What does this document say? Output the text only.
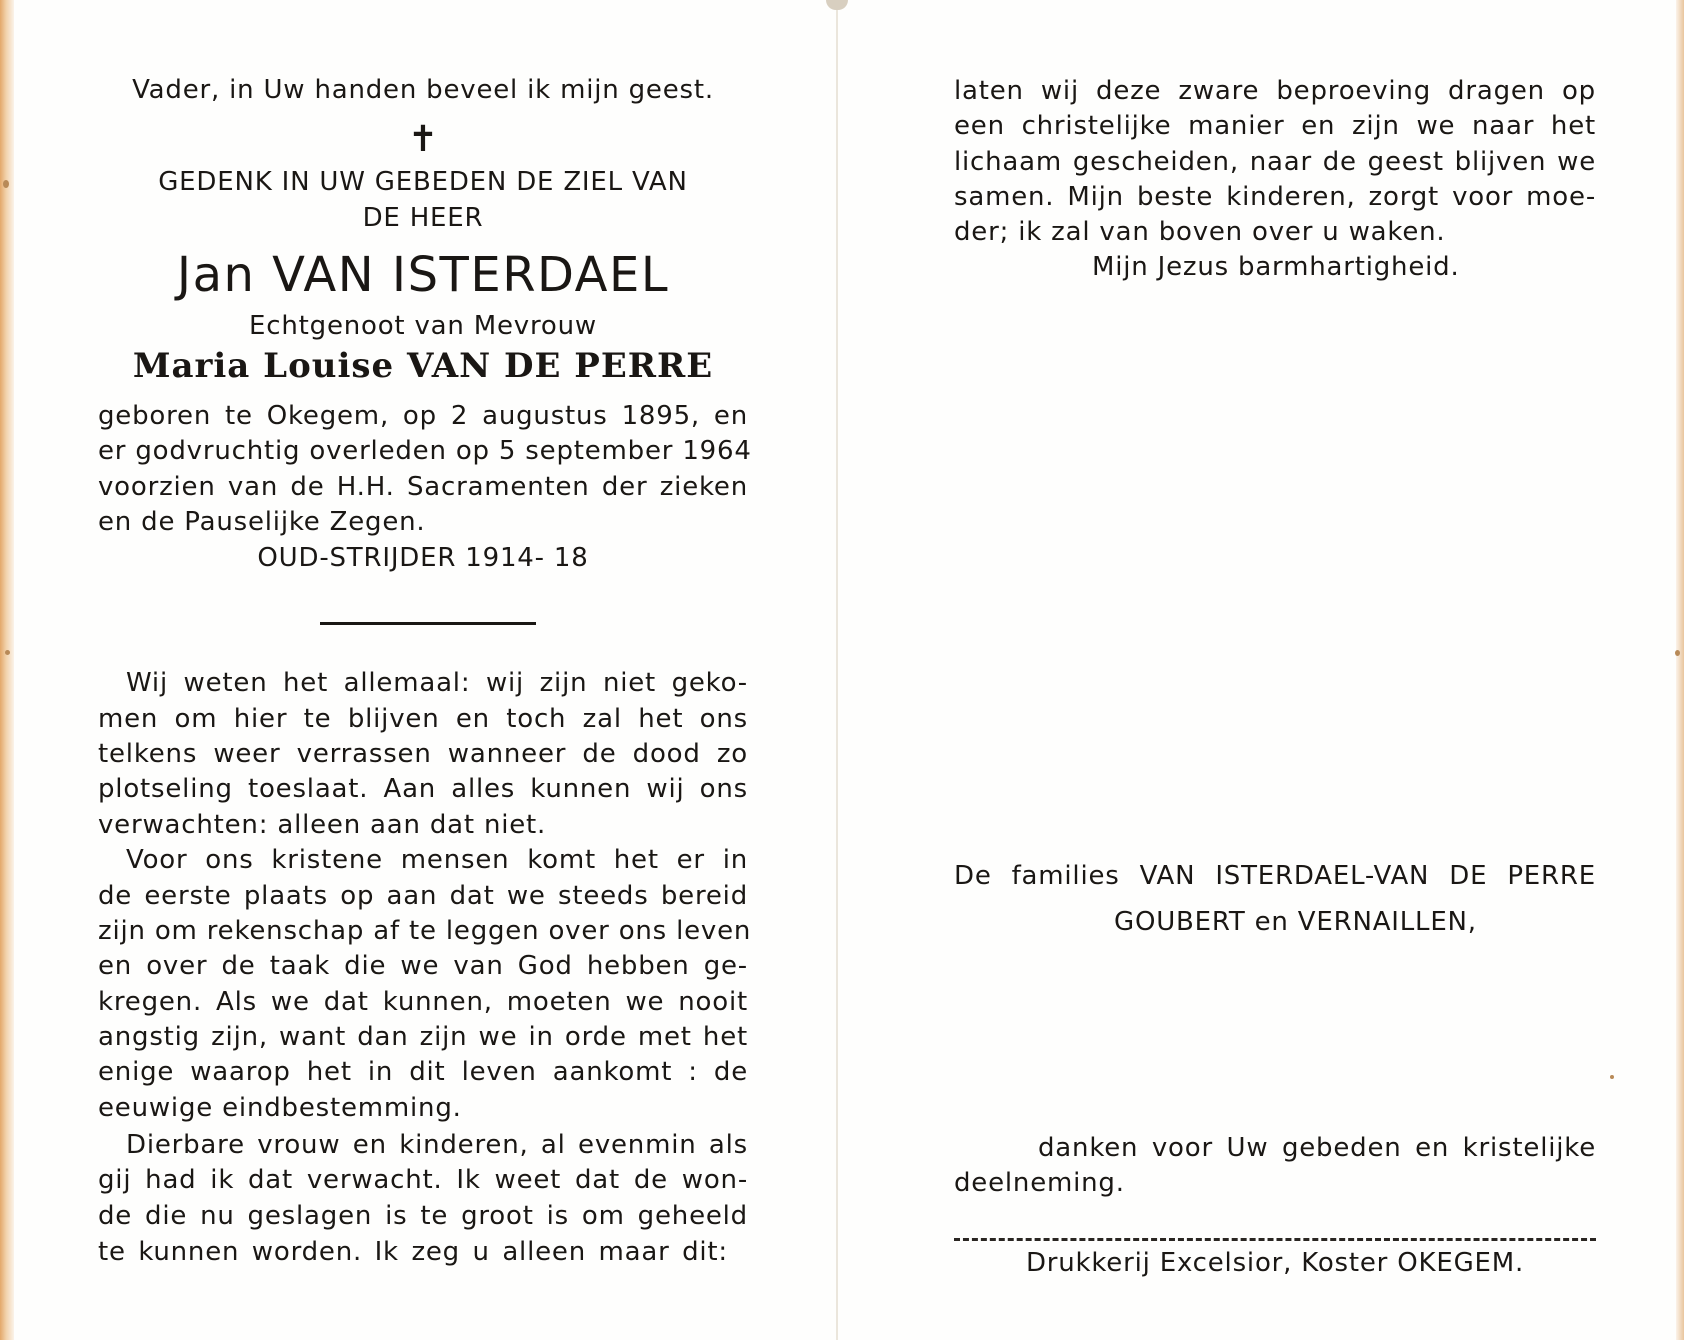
Vader, in Uw handen beveel ik mijn geest.
✝
GEDENK IN UW GEBEDEN DE ZIEL VAN
DE HEER
Jan VAN ISTERDAEL
Echtgenoot van Mevrouw
Maria Louise VAN DE PERRE
geboren te Okegem, op 2 augustus 1895, en
er godvruchtig overleden op 5 september 1964
voorzien van de H.H. Sacramenten der zieken
en de Pauselijke Zegen.
OUD-STRIJDER 1914- 18
Wij weten het allemaal: wij zijn niet geko-
men om hier te blijven en toch zal het ons
telkens weer verrassen wanneer de dood zo
plotseling toeslaat. Aan alles kunnen wij ons
verwachten: alleen aan dat niet.
Voor ons kristene mensen komt het er in
de eerste plaats op aan dat we steeds bereid
zijn om rekenschap af te leggen over ons leven
en over de taak die we van God hebben ge-
kregen. Als we dat kunnen, moeten we nooit
angstig zijn, want dan zijn we in orde met het
enige waarop het in dit leven aankomt : de
eeuwige eindbestemming.
Dierbare vrouw en kinderen, al evenmin als
gij had ik dat verwacht. Ik weet dat de won-
de die nu geslagen is te groot is om geheeld
te kunnen worden. Ik zeg u alleen maar dit:
laten wij deze zware beproeving dragen op
een christelijke manier en zijn we naar het
lichaam gescheiden, naar de geest blijven we
samen. Mijn beste kinderen, zorgt voor moe-
der; ik zal van boven over u waken.
Mijn Jezus barmhartigheid.
De families VAN ISTERDAEL-VAN DE PERRE
GOUBERT en VERNAILLEN,
danken voor Uw gebeden en kristelijke
deelneming.
Drukkerij Excelsior, Koster OKEGEM.
